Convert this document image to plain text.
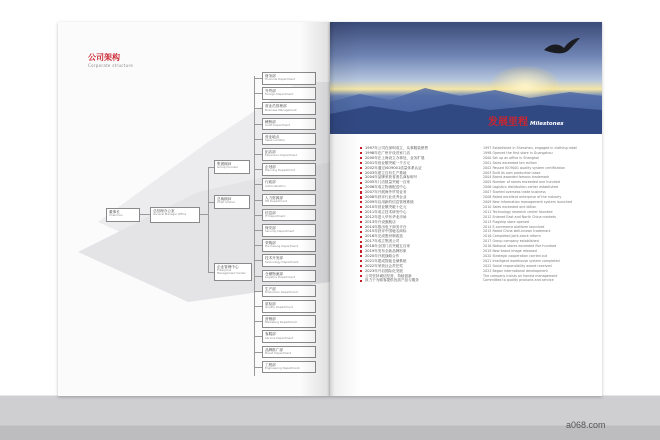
公司架构
Corporate structure
董事长
Chairman
总经理办公室
General Manager Office
集团顾问
Group Counsel
总裁顾问
Chief Advisor
企业管理中心
Enterprise Management Center
财务部
Financial Department
外贸部
Foreign Department
营业员管理部
Business Management
稽核部
Audit Department
营业地点
Sales Location
拓店部
Expansion Department
企划部
Planning Department
行政部
Administration
人力资源部
HR Department
信息部
IT Department
保安部
Security Department
采购部
Purchasing Department
技术开发部
Technology Department
仓储物流部
Logistics Department
生产部
Production Department
质检部
Quality Department
营销部
Marketing Department
客服部
Service Department
品牌推广部
Brand Department
工程部
Engineering Department
发展里程 Milestones
1997年公司在深圳成立，从事服装销售
1998年在广州开设首家门店
2000年在上海设立办事处，业务扩展
2001年营业额突破一千万元
2002年通过ISO9001质量体系认证
2003年建立自有生产基地
2004年品牌荣获省著名商标称号
2005年门店数量突破一百家
2006年成立物流配送中心
2007年开展海外贸易业务
2008年获评行业优秀企业
2009年启用新的信息管理系统
2010年营业额突破十亿元
2011年成立技术研发中心
2012年进入华东华北市场
2013年开设旗舰店
2014年推出电子商务平台
2015年获评中国驰名商标
2016年完成股份制改造
2017年成立集团公司
2018年全国门店突破五百家
2019年发布全新品牌形象
2020年开展战略合作
2021年建成智能仓储系统
2022年荣获社会责任奖
2023年开启国际化发展
公司坚持诚信经营，持续创新
致力于为顾客提供优质产品与服务
1997 Established in Shenzhen, engaged in clothing retail
1998 Opened the first store in Guangzhou
2000 Set up an office in Shanghai
2001 Sales exceeded ten million
2002 Passed ISO9001 quality system certification
2003 Built its own production base
2004 Brand awarded famous trademark
2005 Number of stores exceeded one hundred
2006 Logistics distribution center established
2007 Started overseas trade business
2008 Rated excellent enterprise of the industry
2009 New information management system launched
2010 Sales exceeded one billion
2011 Technology research center founded
2012 Entered East and North China markets
2013 Flagship store opened
2014 E-commerce platform launched
2015 Rated China well-known trademark
2016 Completed joint-stock reform
2017 Group company established
2018 National stores exceeded five hundred
2019 New brand image released
2020 Strategic cooperation carried out
2021 Intelligent warehouse system completed
2022 Social responsibility award received
2023 Began international development
The company insists on honest management
Committed to quality products and service
a068.com
